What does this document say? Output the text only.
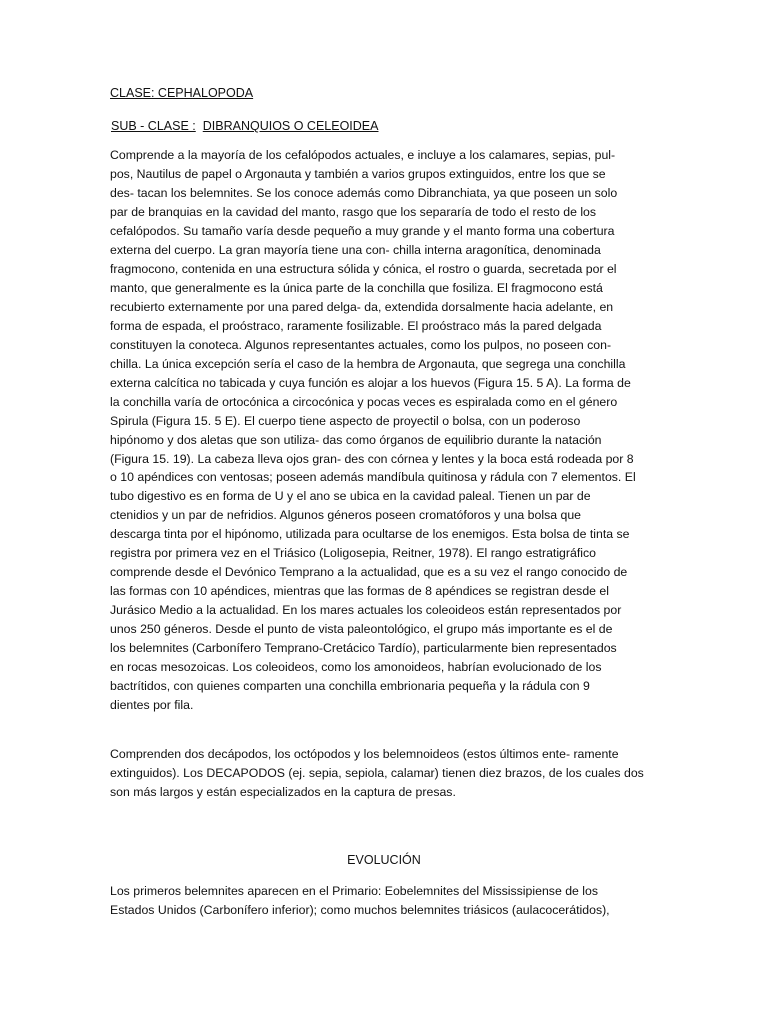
CLASE: CEPHALOPODA
SUB - CLASE : DIBRANQUIOS O CELEOIDEA

Comprende a la mayoría de los cefalópodos actuales, e incluye a los calamares, sepias, pul-
pos, Nautilus de papel o Argonauta y también a varios grupos extinguidos, entre los que se
des- tacan los belemnites. Se los conoce además como Dibranchiata, ya que poseen un solo
par de branquias en la cavidad del manto, rasgo que los separaría de todo el resto de los
cefalópodos. Su tamaño varía desde pequeño a muy grande y el manto forma una cobertura
externa del cuerpo. La gran mayoría tiene una con- chilla interna aragonítica, denominada
fragmocono, contenida en una estructura sólida y cónica, el rostro o guarda, secretada por el
manto, que generalmente es la única parte de la conchilla que fosiliza. El fragmocono está
recubierto externamente por una pared delga- da, extendida dorsalmente hacia adelante, en
forma de espada, el proóstraco, raramente fosilizable. El proóstraco más la pared delgada
constituyen la conoteca. Algunos representantes actuales, como los pulpos, no poseen con-
chilla. La única excepción sería el caso de la hembra de Argonauta, que segrega una conchilla
externa calcítica no tabicada y cuya función es alojar a los huevos (Figura 15. 5 A). La forma de
la conchilla varía de ortocónica a circocónica y pocas veces es espiralada como en el género
Spirula (Figura 15. 5 E). El cuerpo tiene aspecto de proyectil o bolsa, con un poderoso
hipónomo y dos aletas que son utiliza- das como órganos de equilibrio durante la natación
(Figura 15. 19). La cabeza lleva ojos gran- des con córnea y lentes y la boca está rodeada por 8
o 10 apéndices con ventosas; poseen además mandíbula quitinosa y rádula con 7 elementos. El
tubo digestivo es en forma de U y el ano se ubica en la cavidad paleal. Tienen un par de
ctenidios y un par de nefridios. Algunos géneros poseen cromatóforos y una bolsa que
descarga tinta por el hipónomo, utilizada para ocultarse de los enemigos. Esta bolsa de tinta se
registra por primera vez en el Triásico (Loligosepia, Reitner, 1978). El rango estratigráfico
comprende desde el Devónico Temprano a la actualidad, que es a su vez el rango conocido de
las formas con 10 apéndices, mientras que las formas de 8 apéndices se registran desde el
Jurásico Medio a la actualidad. En los mares actuales los coleoideos están representados por
unos 250 géneros. Desde el punto de vista paleontológico, el grupo más importante es el de
los belemnites (Carbonífero Temprano-Cretácico Tardío), particularmente bien representados
en rocas mesozoicas. Los coleoideos, como los amonoideos, habrían evolucionado de los
bactrítidos, con quienes comparten una conchilla embrionaria pequeña y la rádula con 9
dientes por fila.

Comprenden dos decápodos, los octópodos y los belemnoideos (estos últimos ente- ramente
extinguidos). Los DECAPODOS (ej. sepia, sepiola, calamar) tienen diez brazos, de los cuales dos
son más largos y están especializados en la captura de presas.

EVOLUCIÓN

Los primeros belemnites aparecen en el Primario: Eobelemnites del Mississipiense de los
Estados Unidos (Carbonífero inferior); como muchos belemnites triásicos (aulacocerátidos),
